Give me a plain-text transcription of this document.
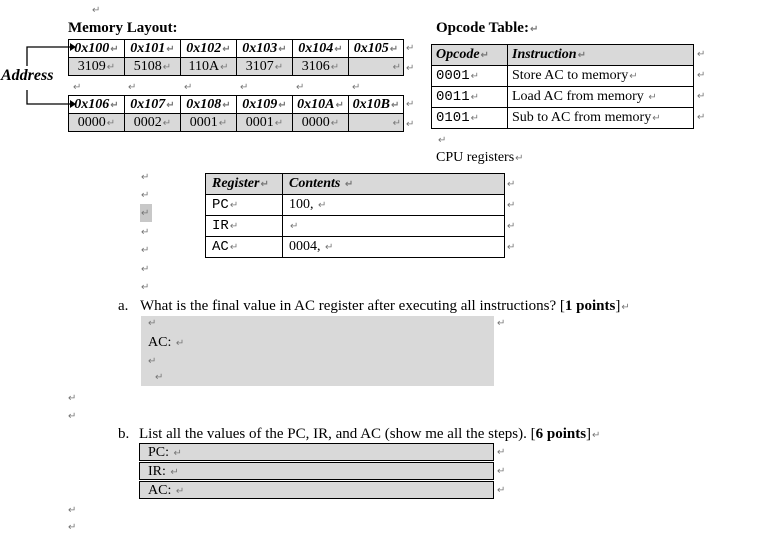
↵
Memory Layout:
Address
0x100↵	0x101↵	0x102↵	0x103↵	0x104↵	0x105↵
3109↵	5108↵	110A↵	3107↵	3106↵	↵
↵
↵
↵	↵	↵	↵	↵	↵
0x106↵	0x107↵	0x108↵	0x109↵	0x10A↵	0x10B↵
0000↵	0002↵	0001↵	0001↵	0000↵	↵
↵
↵
Opcode Table:↵
Opcode↵	Instruction↵
0001↵	Store AC to memory↵
0011↵	Load AC from memory ↵
0101↵	Sub to AC from memory↵
↵
↵
↵
↵
↵
CPU registers↵
Register↵	Contents ↵
PC↵	100, ↵
IR↵	↵
AC↵	0004, ↵
↵
↵
↵
↵
↵
↵
↵
↵
↵
↵
↵
a. What is the final value in AC register after executing all instructions? [1 points]↵
↵	↵
AC: ↵
↵
↵
↵
↵
b. List all the values of the PC, IR, and AC (show me all the steps). [6 points]↵
PC: ↵
IR: ↵
AC: ↵
↵
↵
↵
↵
↵
